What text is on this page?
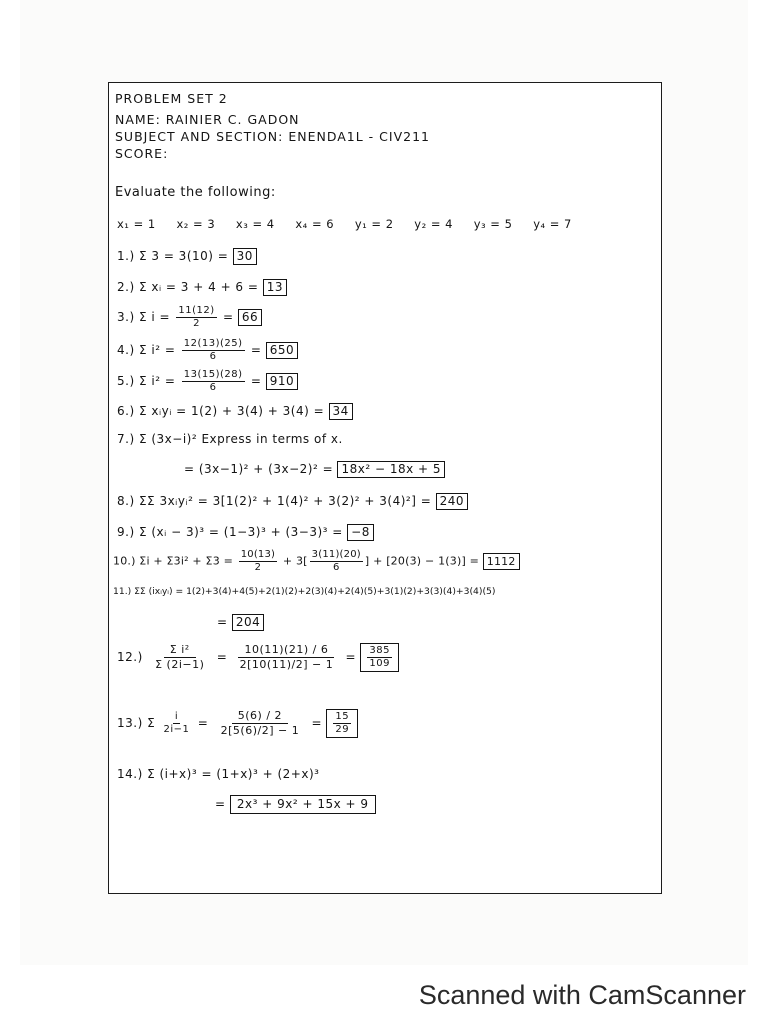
PROBLEM SET 2
NAME: RAINIER C. GADON
SUBJECT AND SECTION: ENENDA1L - CIV211
SCORE:
Evaluate the following:
x₁ = 1     x₂ = 3     x₃ = 4     x₄ = 6     y₁ = 2     y₂ = 4     y₃ = 5     y₄ = 7
1.) Σ 3 = 3(10) = 30
2.) Σ xᵢ = 3 + 4 + 6 = 13
3.) Σ $i = \frac{11(12)}{2} = 66$
4.) Σ $i^2 = \frac{12(13)(25)}{6} = 650$
5.) Σ $i^2 = \frac{13(15)(28)}{6} = 910$
6.) Σ xᵢyᵢ = 1(2) + 3(4) + 3(4) = 34
7.) Σ (3x−i)² Express in terms of x.
= (3x−1)² + (3x−2)² = 18x² − 18x + 5
8.) ΣΣ 3xᵢyᵢ² = 3[1(2)² + 1(4)² + 3(2)² + 3(4)²] = 240
9.) Σ (xᵢ − 3)³ = (1−3)³ + (3−3)³ = −8
10.) $\Sigma i + \Sigma 3i^2 + \Sigma 3 = \frac{10(13)}{2} + 3[ \frac{3(11)(20)}{6}$ ] + [20(3) − 1(3)] = 1112
11.) ΣΣ (ixᵢyᵢ) = 1(2)+3(4)+4(5)+2(1)(2)+2(3)(4)+2(4)(5)+3(1)(2)+3(3)(4)+3(4)(5)
= 204
$12.) \frac{\text{Σ i²}}{\Sigma (2i-1)} = \frac{10(11)(21) / 6}{2[10(11)/2] - 1} = \frac{385}{109}$
13.) Σ $\frac{i}{2i-1} = \frac{5(6) / 2}{2[5(6)/2] - 1} = \frac{15}{29}$
14.) Σ (i+x)³ = (1+x)³ + (2+x)³
= 2x³ + 9x² + 15x + 9
Scanned with CamScanner
